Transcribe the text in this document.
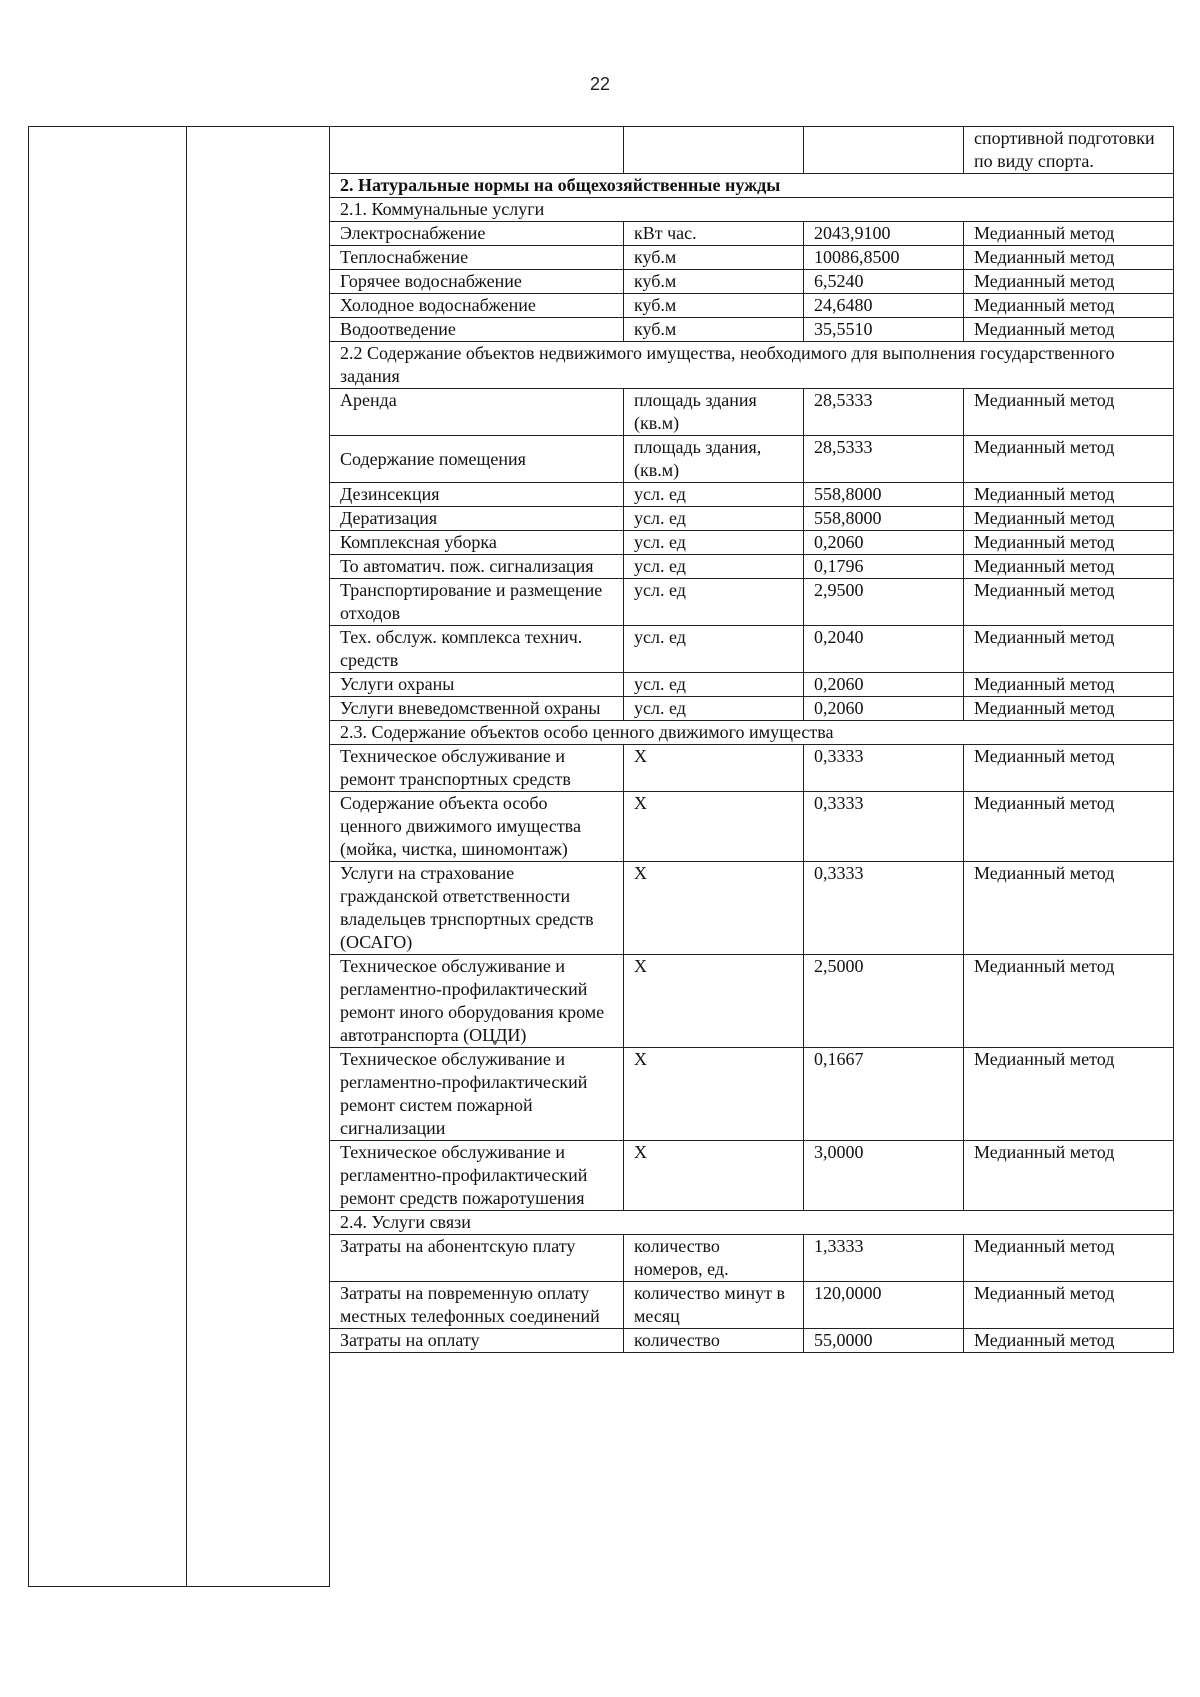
22
			спортивной подготовки по виду спорта.
2. Натуральные нормы на общехозяйственные нужды			
2.1. Коммунальные услуги			
Электроснабжение	кВт час.	2043,9100	Медианный метод
Теплоснабжение	куб.м	10086,8500	Медианный метод
Горячее водоснабжение	куб.м	6,5240	Медианный метод
Холодное водоснабжение	куб.м	24,6480	Медианный метод
Водоотведение	куб.м	35,5510	Медианный метод
2.2 Содержание объектов недвижимого имущества, необходимого для выполнения государственного задания			
Аренда	площадь здания (кв.м)	28,5333	Медианный метод
Содержание помещения	площадь здания, (кв.м)	28,5333	Медианный метод
Дезинсекция	усл. ед	558,8000	Медианный метод
Дератизация	усл. ед	558,8000	Медианный метод
Комплексная уборка	усл. ед	0,2060	Медианный метод
То автоматич. пож. сигнализация	усл. ед	0,1796	Медианный метод
Транспортирование и размещение отходов	усл. ед	2,9500	Медианный метод
Тех. обслуж. комплекса технич. средств	усл. ед	0,2040	Медианный метод
Услуги охраны	усл. ед	0,2060	Медианный метод
Услуги вневедомственной охраны	усл. ед	0,2060	Медианный метод
2.3. Содержание объектов особо ценного движимого имущества			
Техническое обслуживание и ремонт транспортных средств	X	0,3333	Медианный метод
Содержание объекта особо ценного движимого имущества (мойка, чистка, шиномонтаж)	X	0,3333	Медианный метод
Услуги на страхование гражданской ответственности владельцев трнспортных средств (ОСАГО)	X	0,3333	Медианный метод
Техническое обслуживание и регламентно-профилактический ремонт иного оборудования кроме автотранспорта (ОЦДИ)	X	2,5000	Медианный метод
Техническое обслуживание и регламентно-профилактический ремонт систем пожарной сигнализации	X	0,1667	Медианный метод
Техническое обслуживание и регламентно-профилактический ремонт средств пожаротушения	X	3,0000	Медианный метод
2.4. Услуги связи			
Затраты на абонентскую плату	количество номеров, ед.	1,3333	Медианный метод
Затраты на повременную оплату местных телефонных соединений	количество минут в месяц	120,0000	Медианный метод
Затраты на оплату	количество	55,0000	Медианный метод
